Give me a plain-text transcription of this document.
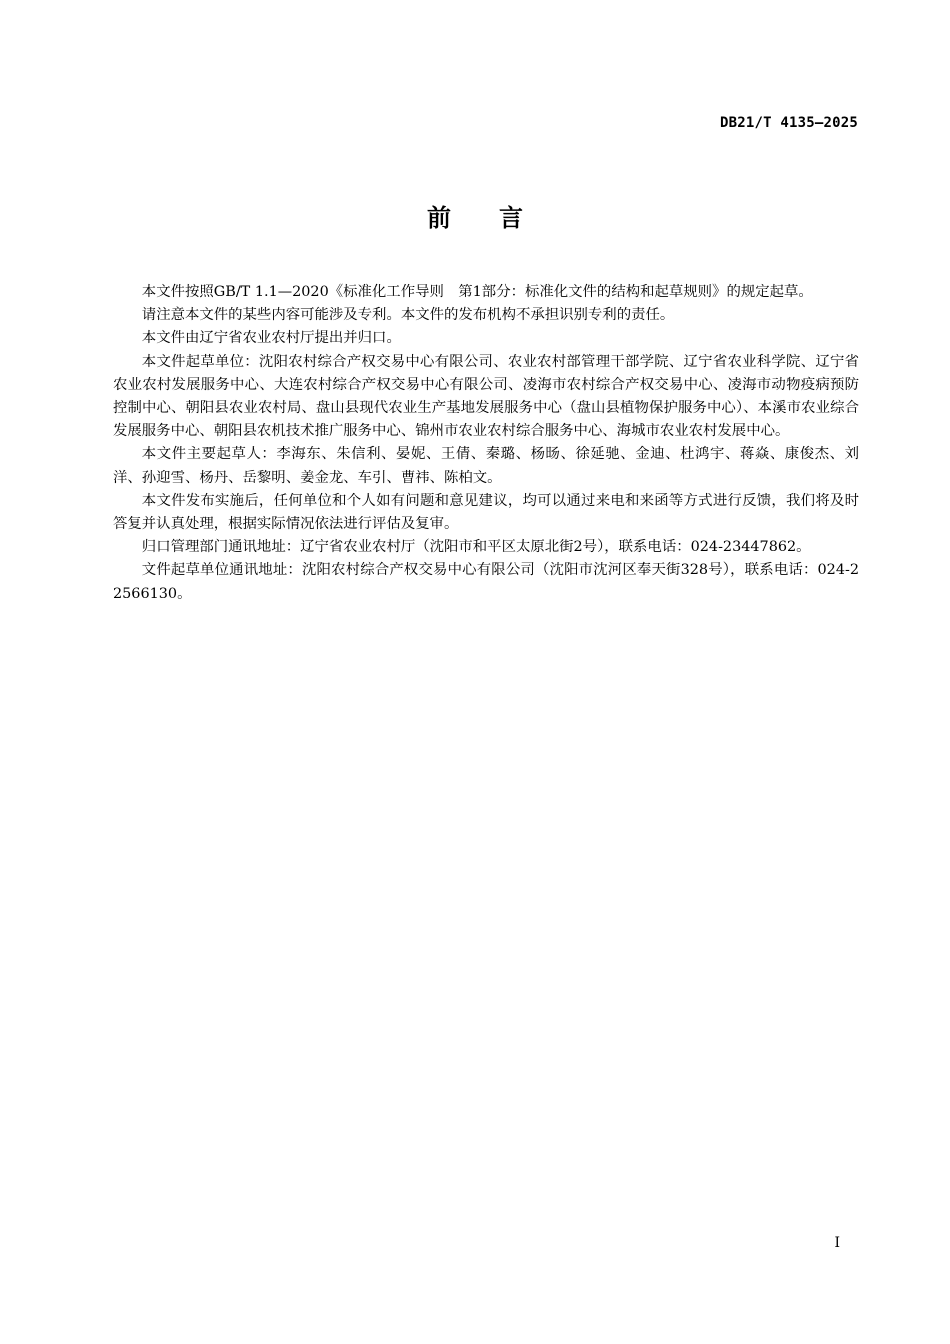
DB21/T 4135—2025
前 言

本文件按照GB/T 1.1—2020《标准化工作导则　第1部分：标准化文件的结构和起草规则》的规定起草。

请注意本文件的某些内容可能涉及专利。本文件的发布机构不承担识别专利的责任。

本文件由辽宁省农业农村厅提出并归口。

本文件起草单位：沈阳农村综合产权交易中心有限公司、农业农村部管理干部学院、辽宁省农业科学院、辽宁省农业农村发展服务中心、大连农村综合产权交易中心有限公司、凌海市农村综合产权交易中心、凌海市动物疫病预防控制中心、朝阳县农业农村局、盘山县现代农业生产基地发展服务中心（盘山县植物保护服务中心）、本溪市农业综合发展服务中心、朝阳县农机技术推广服务中心、锦州市农业农村综合服务中心、海城市农业农村发展中心。

本文件主要起草人：李海东、朱信利、晏妮、王倩、秦璐、杨旸、徐延驰、金迪、杜鸿宇、蒋焱、康俊杰、刘洋、孙迎雪、杨丹、岳黎明、姜金龙、车引、曹祎、陈柏文。

本文件发布实施后，任何单位和个人如有问题和意见建议，均可以通过来电和来函等方式进行反馈，我们将及时答复并认真处理，根据实际情况依法进行评估及复审。

归口管理部门通讯地址：辽宁省农业农村厅（沈阳市和平区太原北街2号），联系电话：024-23447862。

文件起草单位通讯地址：沈阳农村综合产权交易中心有限公司（沈阳市沈河区奉天街328号），联系电话：024-22566130。

I
